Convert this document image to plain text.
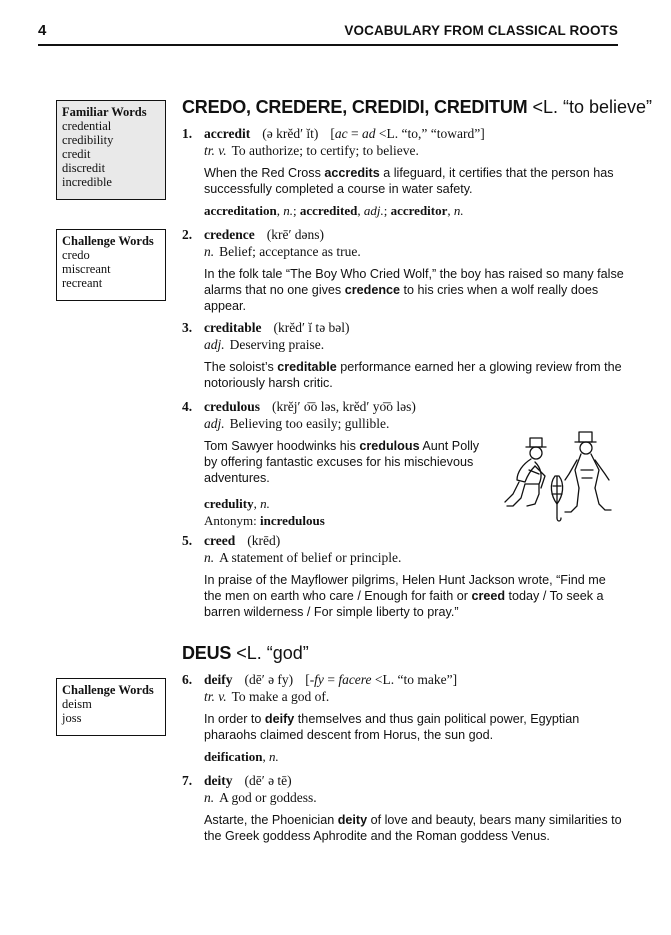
4	VOCABULARY FROM CLASSICAL ROOTS
Familiar Words
credential
credibility
credit
discredit
incredible
Challenge Words
credo
miscreant
recreant
Challenge Words
deism
joss
CREDO, CREDERE, CREDIDI, CREDITUM <L. “to believe”
1. accredit (ə krĕd′ ĭt) [ac = ad <L. “to,” “toward”]
tr. v. To authorize; to certify; to believe.
When the Red Cross accredits a lifeguard, it certifies that the person has successfully completed a course in water safety.
accreditation, n.; accredited, adj.; accreditor, n.
2. credence (krē′ dəns)
n. Belief; acceptance as true.
In the folk tale “The Boy Who Cried Wolf,” the boy has raised so many false alarms that no one gives credence to his cries when a wolf really does appear.
3. creditable (krĕd′ ĭ tə bəl)
adj. Deserving praise.
The soloist’s creditable performance earned her a glowing review from the notoriously harsh critic.
4. credulous (krĕj′ o͞o ləs, krĕd′ yo͞o ləs)
adj. Believing too easily; gullible.
Tom Sawyer hoodwinks his credulous Aunt Polly by offering fantastic excuses for his mischievous adventures.
credulity, n.
Antonym: incredulous
5. creed (krēd)
n. A statement of belief or principle.
In praise of the Mayflower pilgrims, Helen Hunt Jackson wrote, “Find me the men on earth who care / Enough for faith or creed today / To seek a barren wilderness / For simple liberty to pray.”
DEUS <L. “god”
6. deify (dē′ ə fy) [-fy = facere <L. “to make”]
tr. v. To make a god of.
In order to deify themselves and thus gain political power, Egyptian pharaohs claimed descent from Horus, the sun god.
deification, n.
7. deity (dē′ ə tē)
n. A god or goddess.
Astarte, the Phoenician deity of love and beauty, bears many similarities to the Greek goddess Aphrodite and the Roman goddess Venus.
